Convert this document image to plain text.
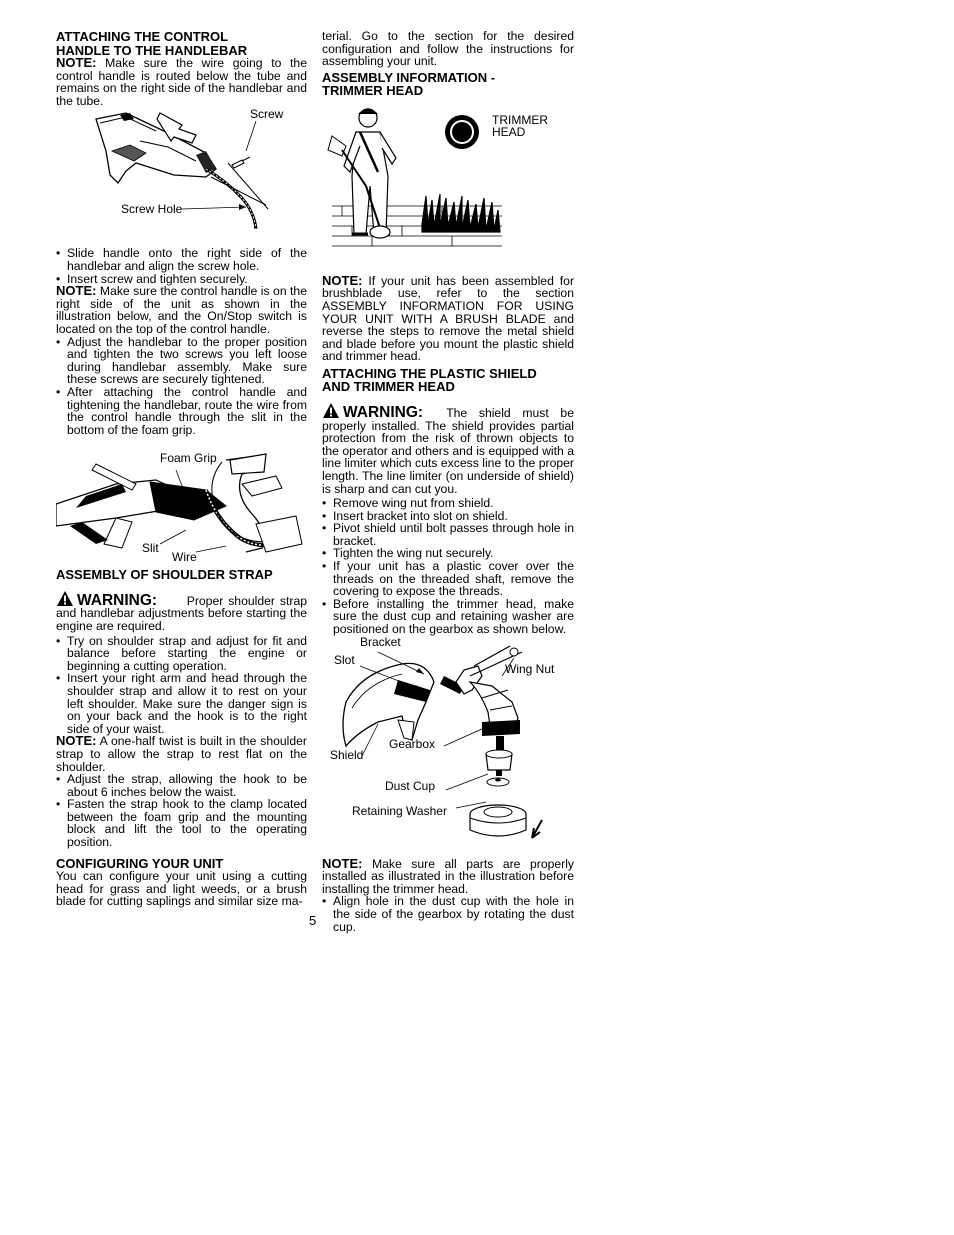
ATTACHING THE CONTROL
HANDLE TO THE HANDLEBAR

NOTE: Make sure the wire going to the control handle is routed below the tube and remains on the right side of the handlebar and the tube.

Screw
Screw Hole
• Slide handle onto the right side of the handlebar and align the screw hole.
• Insert screw and tighten securely.

NOTE: Make sure the control handle is on the right side of the unit as shown in the illustration below, and the On/Stop switch is located on the top of the control handle.

• Adjust the handlebar to the proper position and tighten the two screws you left loose during handlebar assembly. Make sure these screws are securely tightened.
• After attaching the control handle and tightening the handlebar, route the wire from the control handle through the slit in the bottom of the foam grip.
Foam Grip
Slit
Wire

ASSEMBLY OF SHOULDER STRAP

WARNING: Proper shoulder strap and handlebar adjustments before starting the engine are required.

• Try on shoulder strap and adjust for fit and balance before starting the engine or beginning a cutting operation.
• Insert your right arm and head through the shoulder strap and allow it to rest on your left shoulder. Make sure the danger sign is on your back and the hook is to the right side of your waist.

NOTE: A one-half twist is built in the shoulder strap to allow the strap to rest flat on the shoulder.

• Adjust the strap, allowing the hook to be about 6 inches below the waist.
• Fasten the strap hook to the clamp located between the foam grip and the mounting block and lift the tool to the operating position.

CONFIGURING YOUR UNIT

You can configure your unit using a cutting head for grass and light weeds, or a brush blade for cutting saplings and similar size ma-

terial. Go to the section for the desired configuration and follow the instructions for assembling your unit.

ASSEMBLY INFORMATION -
TRIMMER HEAD

TRIMMER
HEAD

NOTE: If your unit has been assembled for brushblade use, refer to the section ASSEMBLY INFORMATION FOR USING YOUR UNIT WITH A BRUSH BLADE and reverse the steps to remove the metal shield and blade before you mount the plastic shield and trimmer head.

ATTACHING THE PLASTIC SHIELD
AND TRIMMER HEAD

WARNING: The shield must be properly installed. The shield provides partial protection from the risk of thrown objects to the operator and others and is equipped with a line limiter which cuts excess line to the proper length. The line limiter (on underside of shield) is sharp and can cut you.

• Remove wing nut from shield.
• Insert bracket into slot on shield.
• Pivot shield until bolt passes through hole in bracket.
• Tighten the wing nut securely.
• If your unit has a plastic cover over the threads on the threaded shaft, remove the covering to expose the threads.
• Before installing the trimmer head, make sure the dust cup and retaining washer are positioned on the gearbox as shown below.
Bracket
Slot
Wing Nut
Gearbox
Shield
Dust Cup
Retaining Washer

NOTE: Make sure all parts are properly installed as illustrated in the illustration before installing the trimmer head.

• Align hole in the dust cup with the hole in the side of the gearbox by rotating the dust cup.
5
